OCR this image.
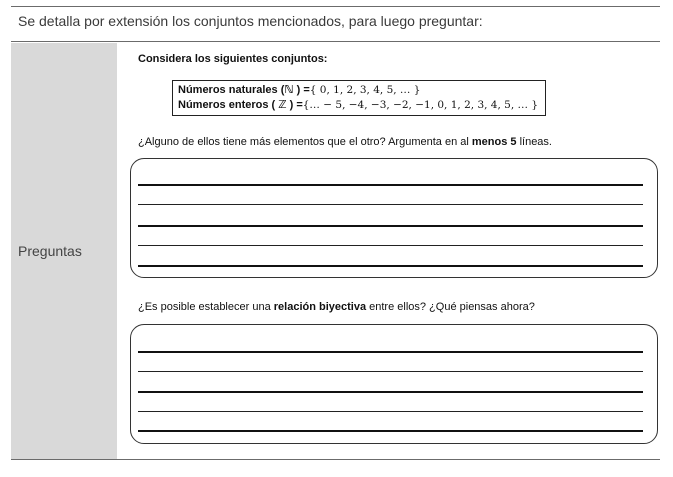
Se detalla por extensión los conjuntos mencionados, para luego preguntar:
Preguntas
Considera los siguientes conjuntos:
Números naturales (ℕ ) ={ 0, 1, 2, 3, 4, 5, … }
Números enteros ( ℤ ) ={… − 5, −4, −3, −2, −1, 0, 1, 2, 3, 4, 5, … }
¿Alguno de ellos tiene más elementos que el otro? Argumenta en al menos 5 líneas.
¿Es posible establecer una relación biyectiva entre ellos? ¿Qué piensas ahora?
